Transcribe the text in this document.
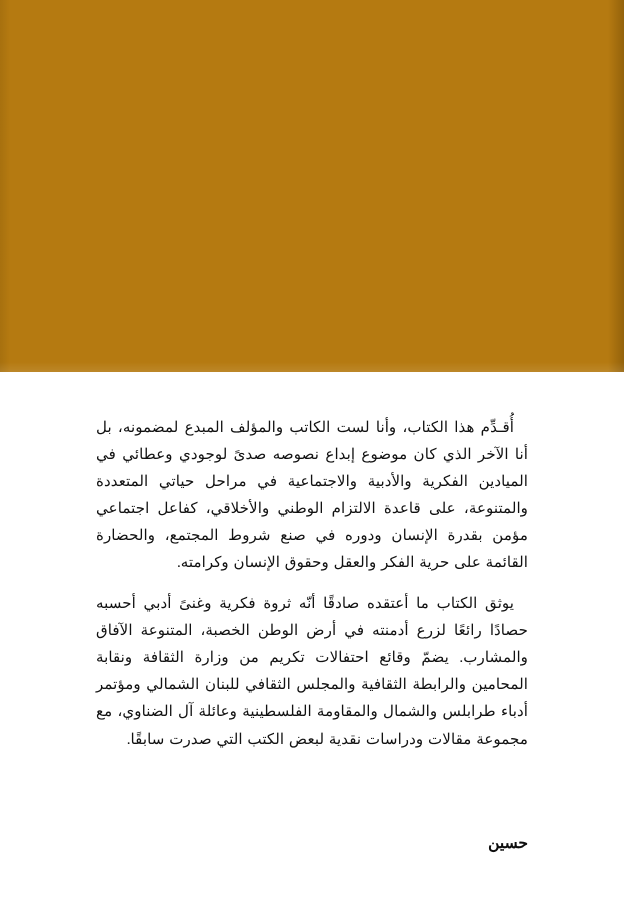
أُقـدِّم هذا الكتاب، وأنا لست الكاتب والمؤلف المبدع لمضمونه، بل أنا الآخر الذي كان موضوع إبداع نصوصه صدىً لوجودي وعطائي في الميادين الفكرية والأدبية والاجتماعية في مراحل حياتي المتعددة والمتنوعة، على قاعدة الالتزام الوطني والأخلاقي، كفاعل اجتماعي مؤمن بقدرة الإنسان ودوره في صنع شروط المجتمع، والحضارة القائمة على حرية الفكر والعقل وحقوق الإنسان وكرامته.

يوثق الكتاب ما أعتقده صادقًا أنّه ثروة فكرية وغنىً أدبي أحسبه حصادًا رائعًا لزرع أدمنته في أرض الوطن الخصبة، المتنوعة الآفاق والمشارب. يضمّ وقائع احتفالات تكريم من وزارة الثقافة ونقابة المحامين والرابطة الثقافية والمجلس الثقافي للبنان الشمالي ومؤتمر أدباء طرابلس والشمال والمقاومة الفلسطينية وعائلة آل الضناوي، مع مجموعة مقالات ودراسات نقدية لبعض الكتب التي صدرت سابقًا.

حسين
